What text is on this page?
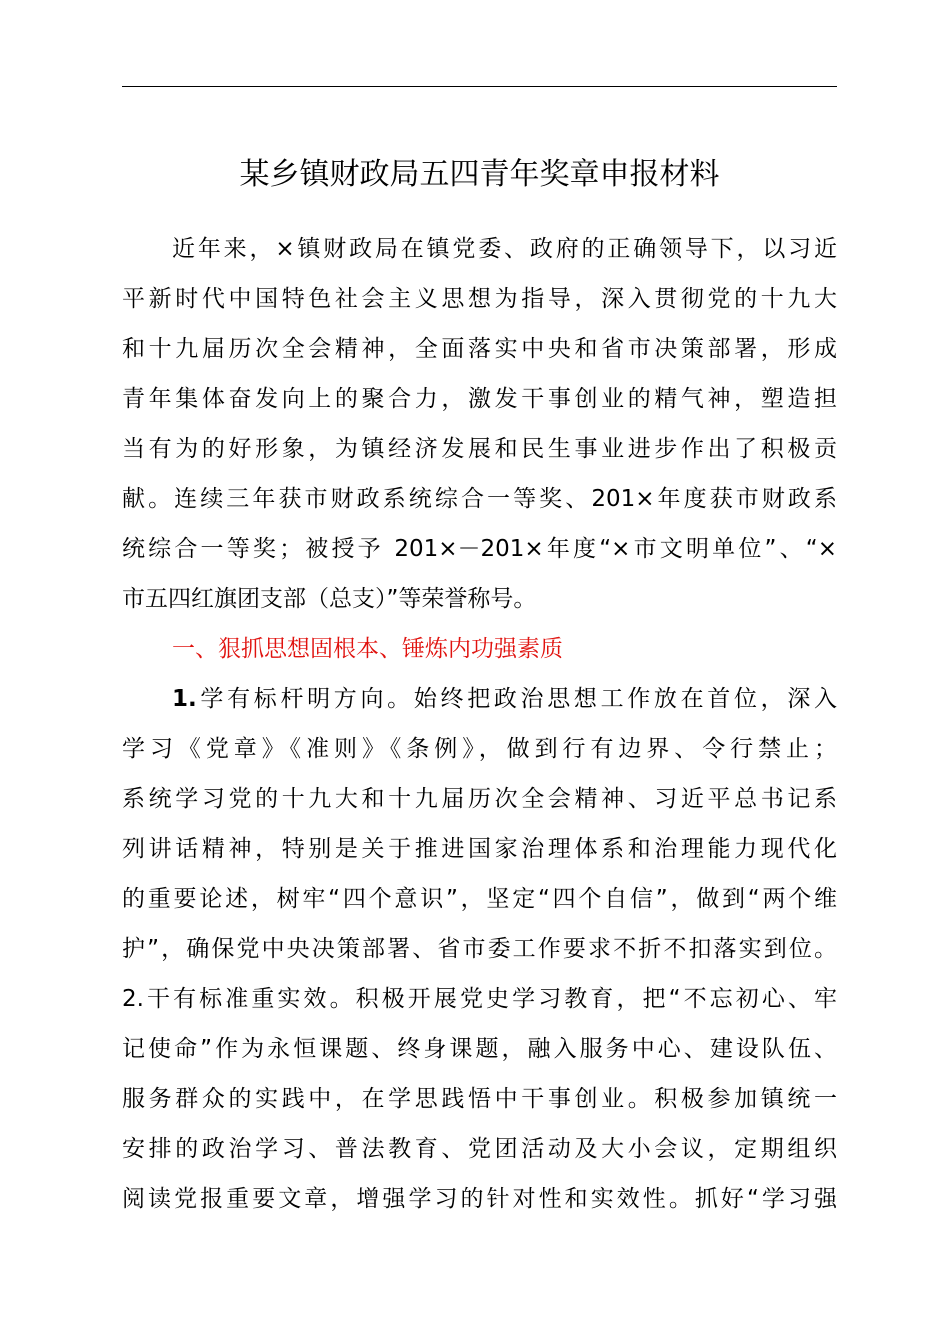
某乡镇财政局五四青年奖章申报材料
近年来，×镇财政局在镇党委、政府的正确领导下，以习近
平新时代中国特色社会主义思想为指导，深入贯彻党的十九大
和十九届历次全会精神，全面落实中央和省市决策部署，形成
青年集体奋发向上的聚合力，激发干事创业的精气神，塑造担
当有为的好形象，为镇经济发展和民生事业进步作出了积极贡
献。连续三年获市财政系统综合一等奖、201×年度获市财政系
统综合一等奖；被授予 201×－201×年度“×市文明单位”、“×
市五四红旗团支部（总支）”等荣誉称号。
一、狠抓思想固根本、锤炼内功强素质
1.学有标杆明方向。始终把政治思想工作放在首位，深入
学习《党章》《准则》《条例》，做到行有边界、令行禁止；
系统学习党的十九大和十九届历次全会精神、习近平总书记系
列讲话精神，特别是关于推进国家治理体系和治理能力现代化
的重要论述，树牢“四个意识”，坚定“四个自信”，做到“两个维
护”，确保党中央决策部署、省市委工作要求不折不扣落实到位。
2.干有标准重实效。积极开展党史学习教育，把“不忘初心、牢
记使命”作为永恒课题、终身课题，融入服务中心、建设队伍、
服务群众的实践中，在学思践悟中干事创业。积极参加镇统一
安排的政治学习、普法教育、党团活动及大小会议，定期组织
阅读党报重要文章，增强学习的针对性和实效性。抓好“学习强
